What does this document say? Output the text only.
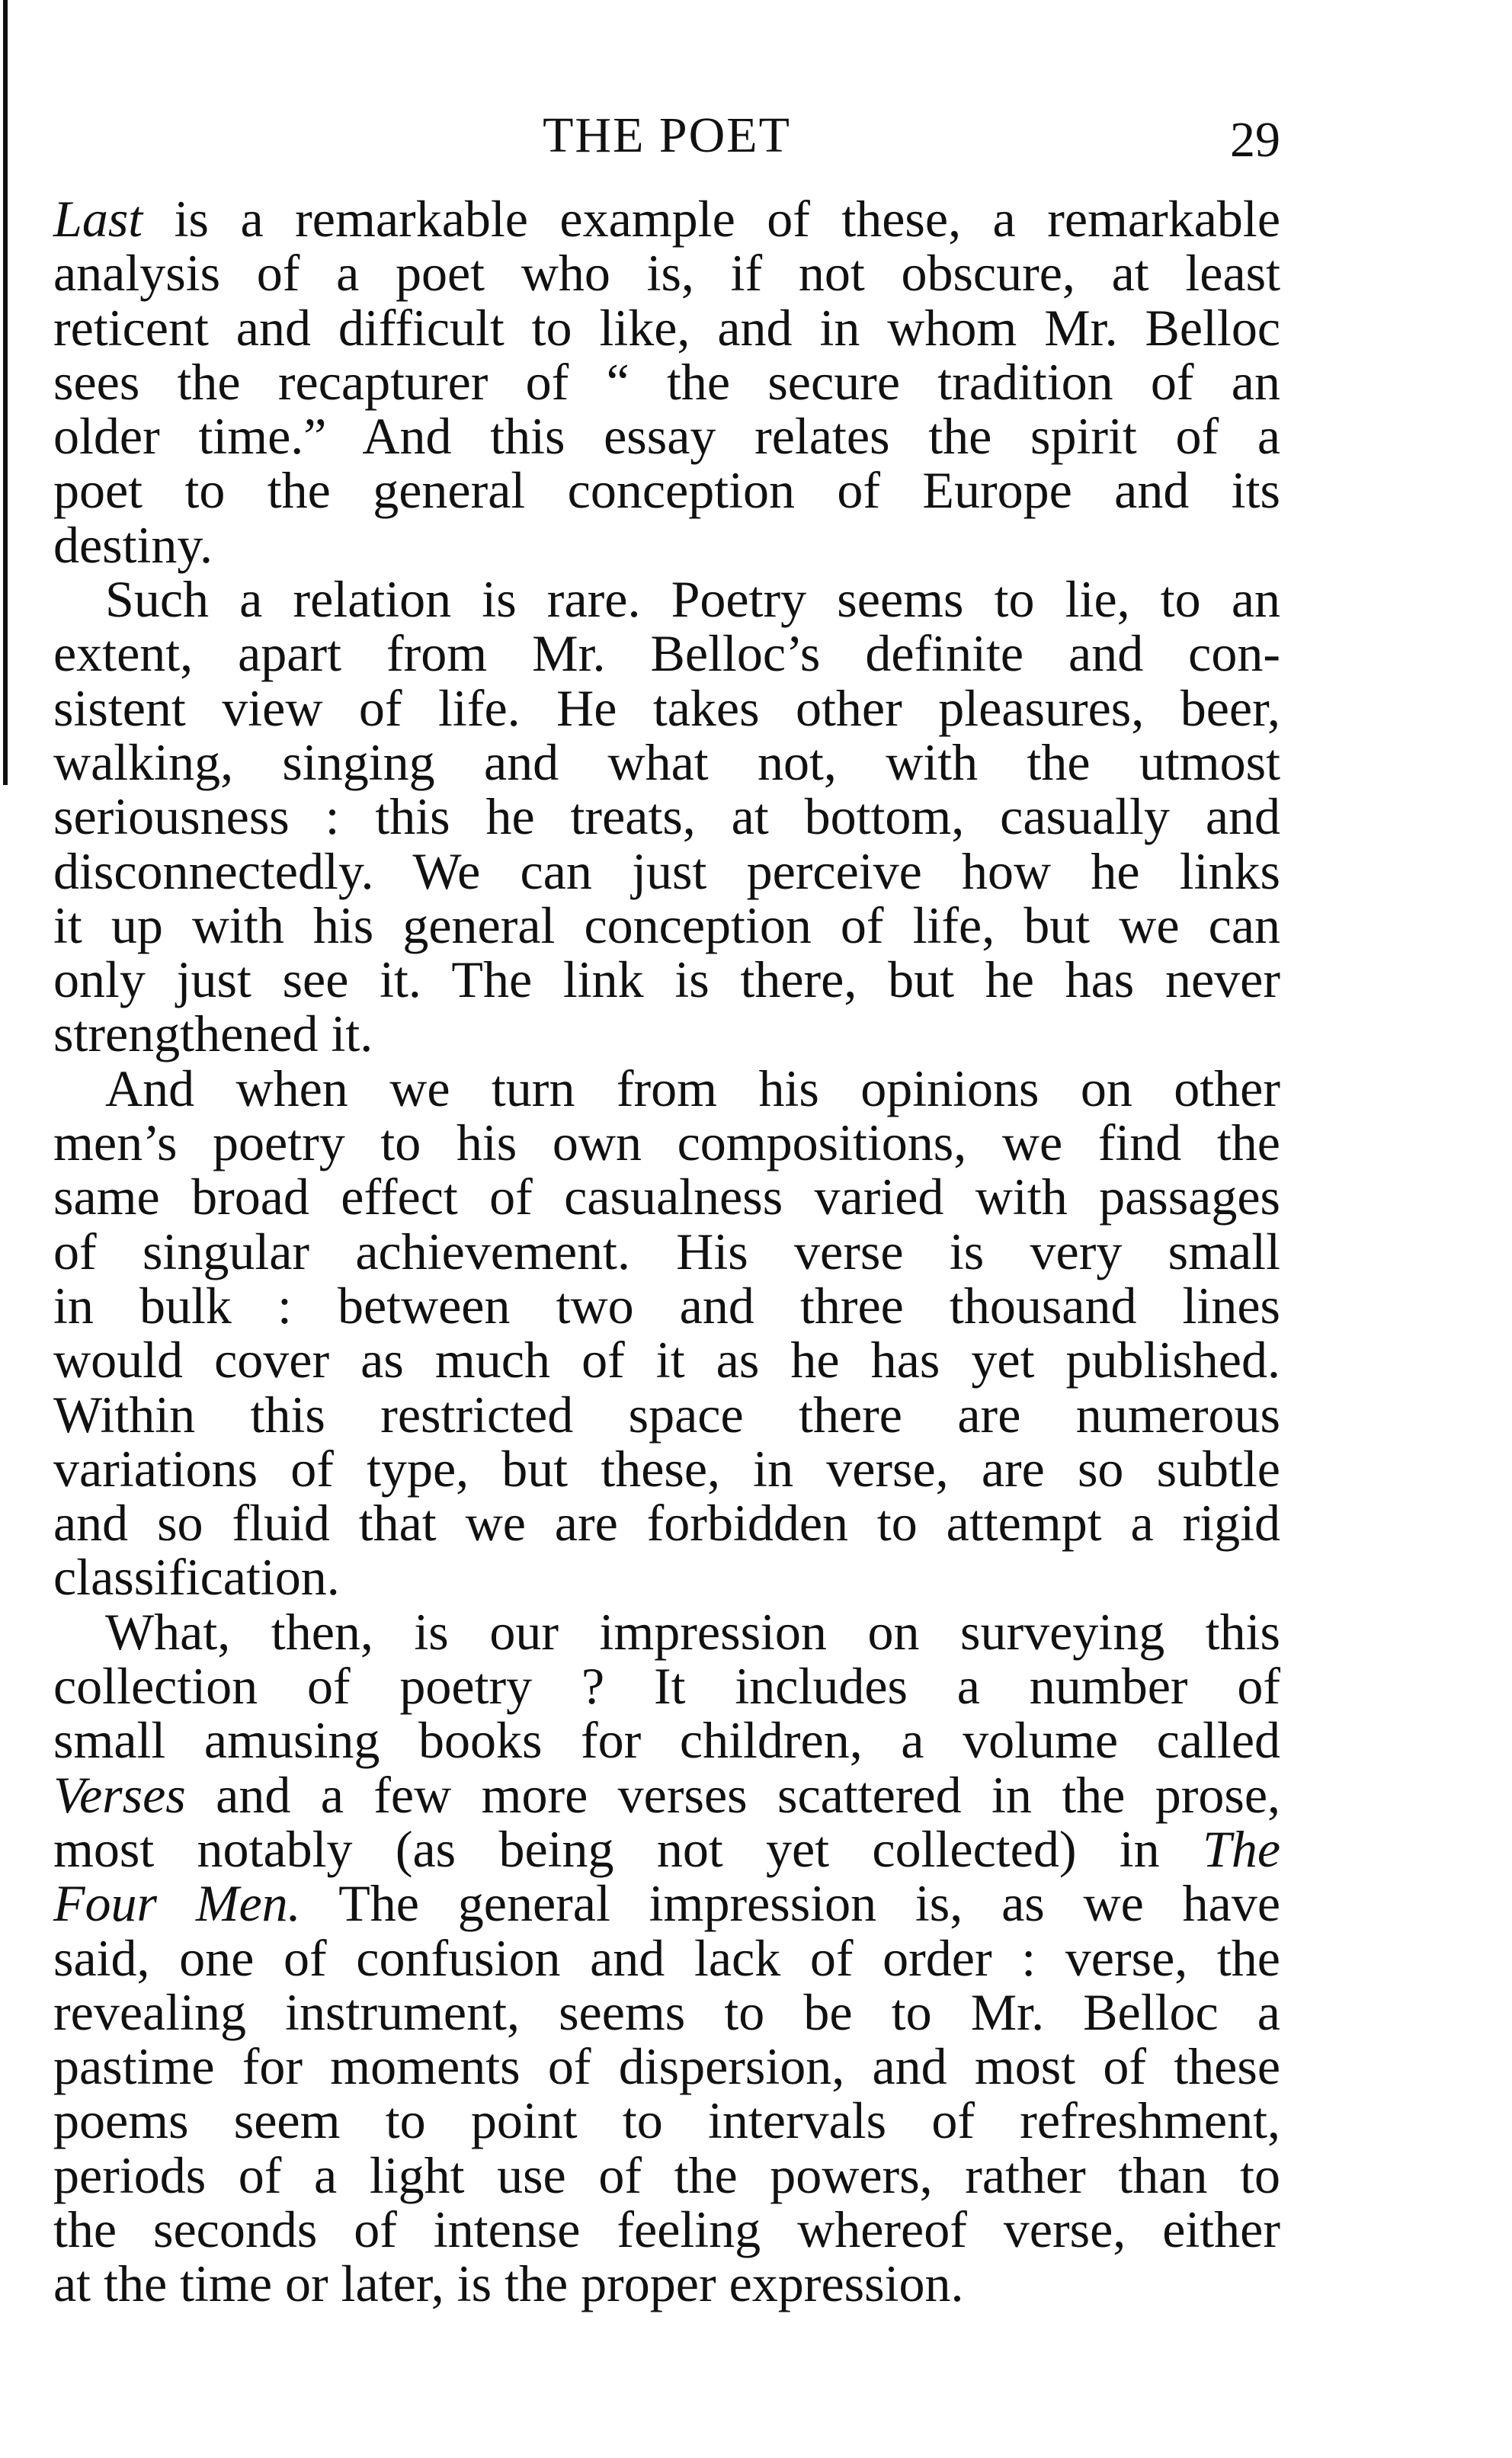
THE POET	29
Last is a remarkable example of these, a remarkable
analysis of a poet who is, if not obscure, at least
reticent and difficult to like, and in whom Mr. Belloc
sees the recapturer of “ the secure tradition of an
older time.” And this essay relates the spirit of a
poet to the general conception of Europe and its
destiny.
Such a relation is rare. Poetry seems to lie, to an
extent, apart from Mr. Belloc’s definite and con-
sistent view of life. He takes other pleasures, beer,
walking, singing and what not, with the utmost
seriousness : this he treats, at bottom, casually and
disconnectedly. We can just perceive how he links
it up with his general conception of life, but we can
only just see it. The link is there, but he has never
strengthened it.
And when we turn from his opinions on other
men’s poetry to his own compositions, we find the
same broad effect of casualness varied with passages
of singular achievement. His verse is very small
in bulk : between two and three thousand lines
would cover as much of it as he has yet published.
Within this restricted space there are numerous
variations of type, but these, in verse, are so subtle
and so fluid that we are forbidden to attempt a rigid
classification.
What, then, is our impression on surveying this
collection of poetry ? It includes a number of
small amusing books for children, a volume called
Verses and a few more verses scattered in the prose,
most notably (as being not yet collected) in The
Four Men. The general impression is, as we have
said, one of confusion and lack of order : verse, the
revealing instrument, seems to be to Mr. Belloc a
pastime for moments of dispersion, and most of these
poems seem to point to intervals of refreshment,
periods of a light use of the powers, rather than to
the seconds of intense feeling whereof verse, either
at the time or later, is the proper expression.
